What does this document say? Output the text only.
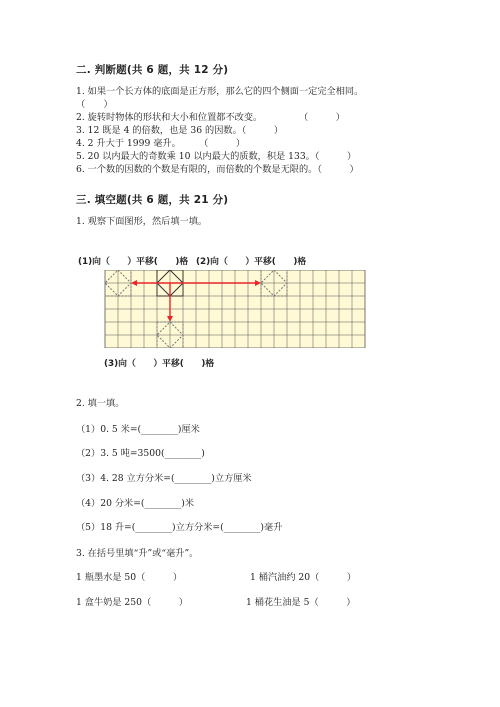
二. 判断题(共 6 题，共 12 分)
1. 如果一个长方体的底面是正方形，那么它的四个侧面一定完全相同。
（　　）
2. 旋转时物体的形状和大小和位置都不改变。　　　　　（　　　）
3. 12 既是 4 的倍数，也是 36 的因数。（　　　）
4. 2 升大于 1999 毫升。　　　（　　　）
5. 20 以内最大的奇数乘 10 以内最大的质数，积是 133。（　　　）
6. 一个数的因数的个数是有限的，而倍数的个数是无限的。（　　　）
三. 填空题(共 6 题，共 21 分)
1. 观察下面图形，然后填一填。
(1)向（　　）平移(　　)格 (2)向（　　）平移(　　)格
(3)向（　　）平移(　　)格
2. 填一填。
（1）0. 5 米=(________)厘米
（2）3. 5 吨=3500(________)
（3）4. 28 立方分米=(________)立方厘米
（4）20 分米=(________)米
（5）18 升=(________)立方分米=(________)毫升
3. 在括号里填“升”或“毫升”。
1 瓶墨水是 50（　　　）	1 桶汽油约 20（　　　）
1 盒牛奶是 250（　　　）	1 桶花生油是 5（　　　）
